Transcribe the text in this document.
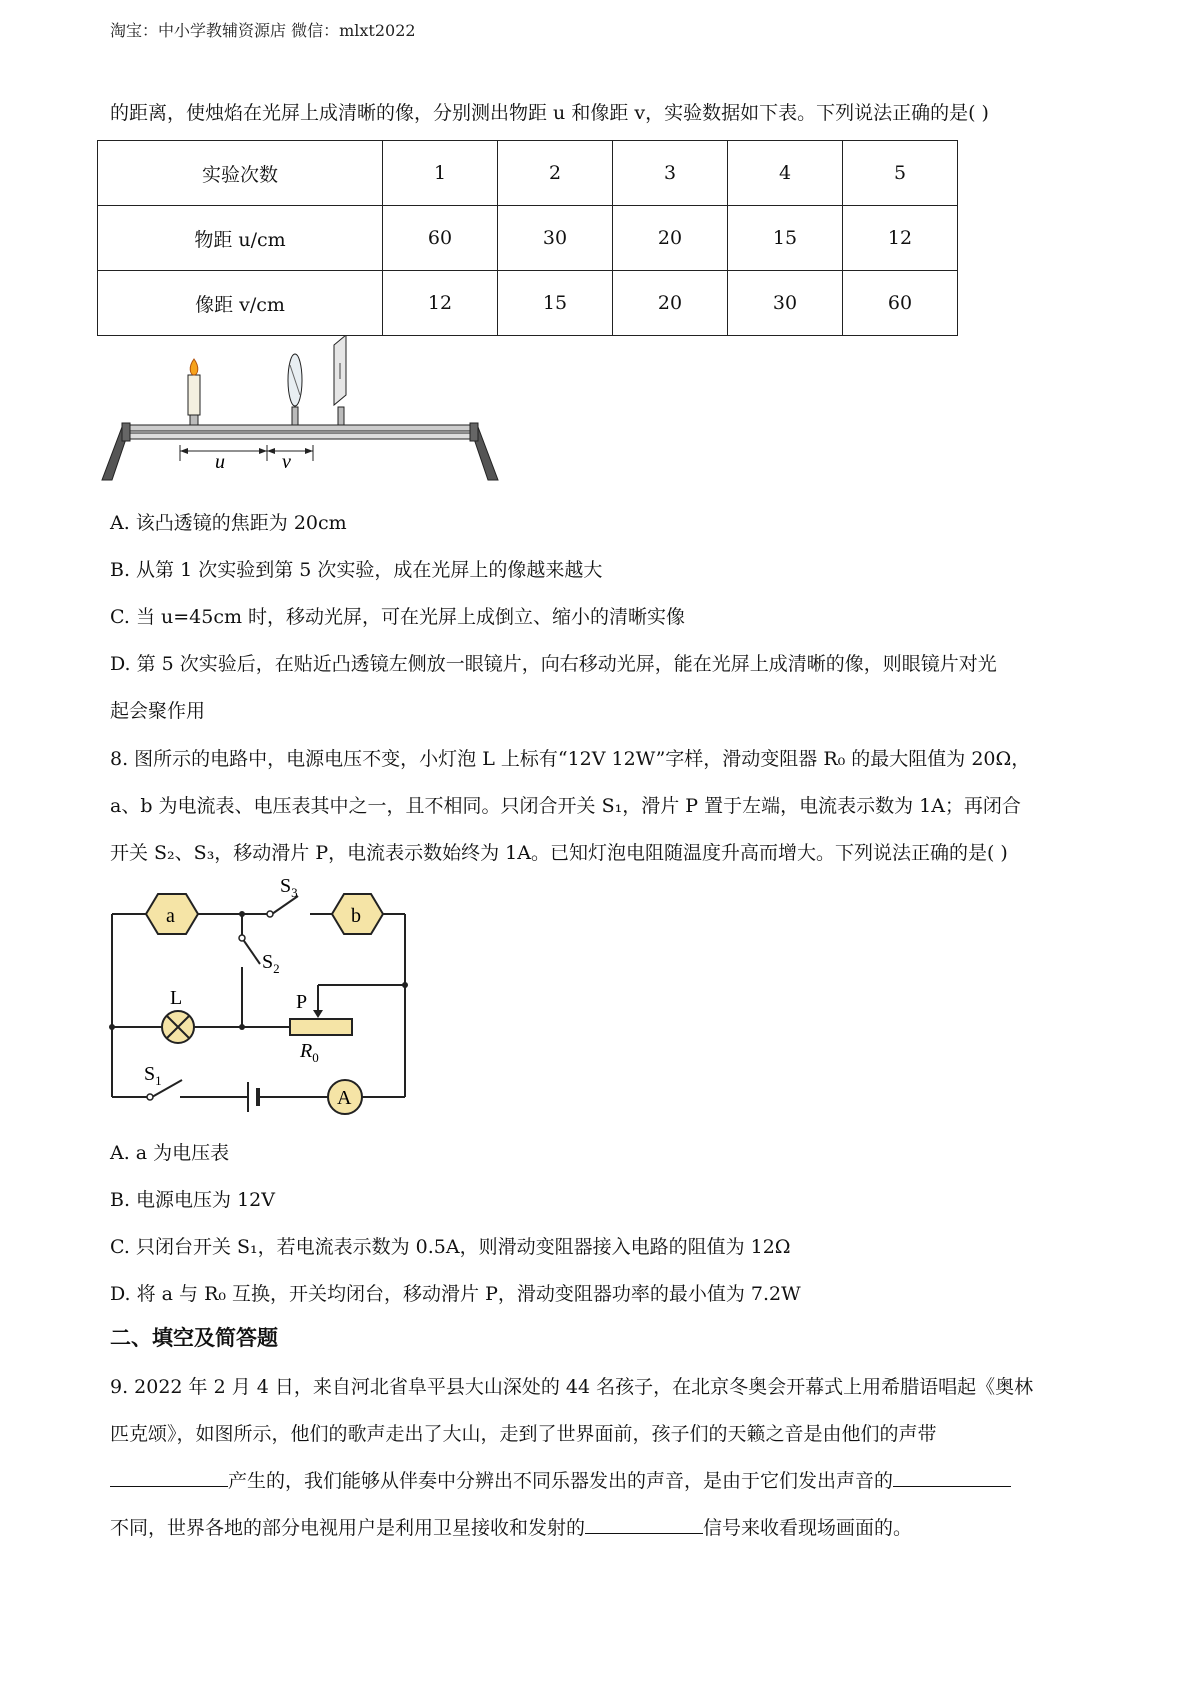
淘宝：中小学教辅资源店 微信：mlxt2022
的距离，使烛焰在光屏上成清晰的像，分别测出物距 u 和像距 v，实验数据如下表。下列说法正确的是( )
实验次数	1	2	3	4	5
物距 u/cm	60	30	20	15	12
像距 v/cm	12	15	20	30	60
u	v
A. 该凸透镜的焦距为 20cm
B. 从第 1 次实验到第 5 次实验，成在光屏上的像越来越大
C. 当 u=45cm 时，移动光屏，可在光屏上成倒立、缩小的清晰实像
D. 第 5 次实验后，在贴近凸透镜左侧放一眼镜片，向右移动光屏，能在光屏上成清晰的像，则眼镜片对光
起会聚作用
8. 图所示的电路中，电源电压不变，小灯泡 L 上标有“12V 12W”字样，滑动变阻器 R₀ 的最大阻值为 20Ω，
a、b 为电流表、电压表其中之一，且不相同。只闭合开关 S₁，滑片 P 置于左端，电流表示数为 1A；再闭合
开关 S₂、S₃，移动滑片 P，电流表示数始终为 1A。已知灯泡电阻随温度升高而增大。下列说法正确的是( )
a	b
L	P
$R_0$
A
$S_3$
$S_2$
$S_1$
A. a 为电压表
B. 电源电压为 12V
C. 只闭台开关 S₁，若电流表示数为 0.5A，则滑动变阻器接入电路的阻值为 12Ω
D. 将 a 与 R₀ 互换，开关均闭台，移动滑片 P，滑动变阻器功率的最小值为 7.2W
二、填空及简答题
9. 2022 年 2 月 4 日，来自河北省阜平县大山深处的 44 名孩子，在北京冬奥会开幕式上用希腊语唱起《奥林
匹克颂》，如图所示，他们的歌声走出了大山，走到了世界面前，孩子们的天籁之音是由他们的声带
产生的，我们能够从伴奏中分辨出不同乐器发出的声音，是由于它们发出声音的
不同，世界各地的部分电视用户是利用卫星接收和发射的	信号来收看现场画面的。
